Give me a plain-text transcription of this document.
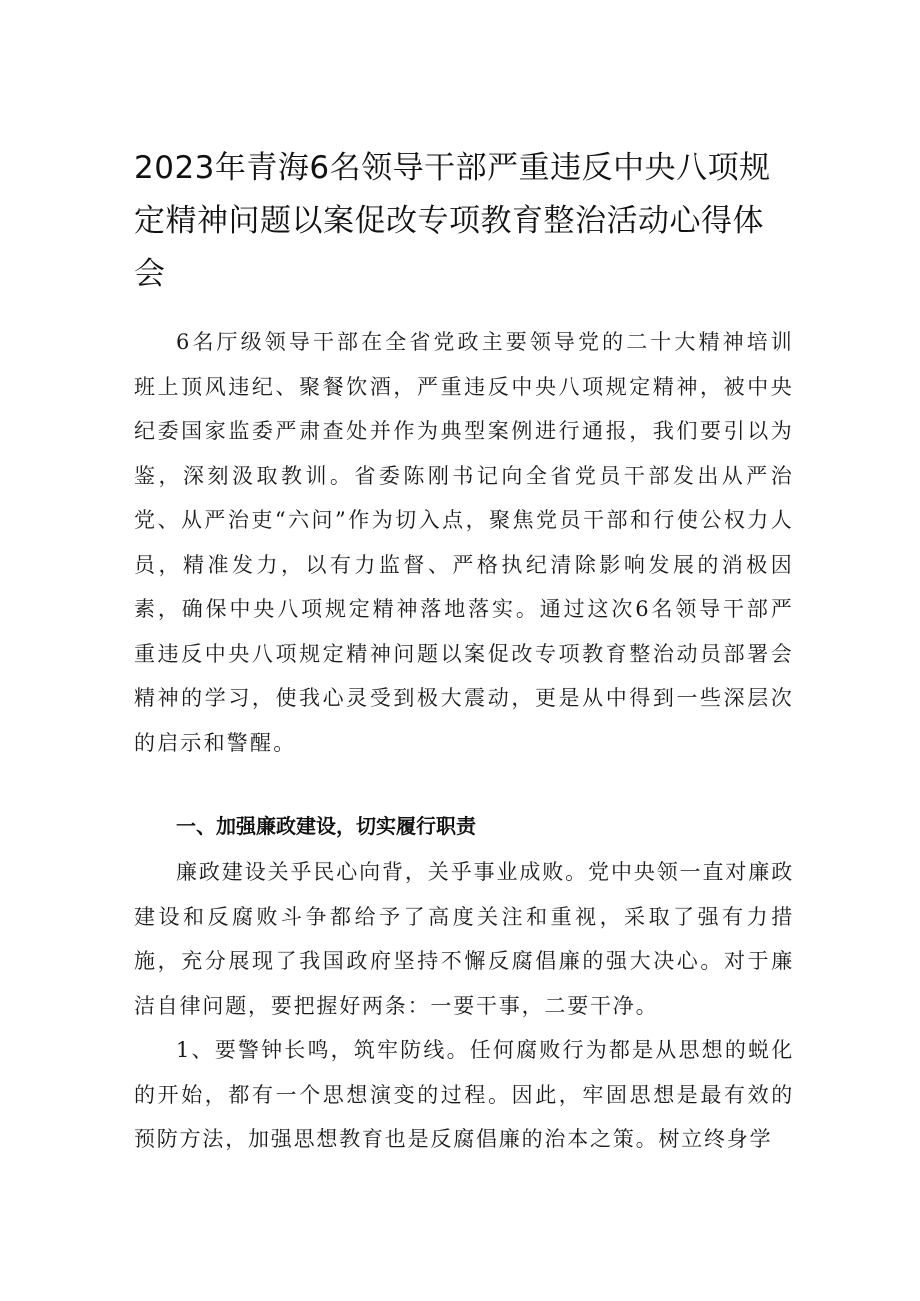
2023年青海6名领导干部严重违反中央八项规定精神问题以案促改专项教育整治活动心得体会

6名厅级领导干部在全省党政主要领导党的二十大精神培训班上顶风违纪、聚餐饮酒，严重违反中央八项规定精神，被中央纪委国家监委严肃查处并作为典型案例进行通报，我们要引以为鉴，深刻汲取教训。省委陈刚书记向全省党员干部发出从严治党、从严治吏“六问”作为切入点，聚焦党员干部和行使公权力人员，精准发力，以有力监督、严格执纪清除影响发展的消极因素，确保中央八项规定精神落地落实。通过这次6名领导干部严重违反中央八项规定精神问题以案促改专项教育整治动员部署会精神的学习，使我心灵受到极大震动，更是从中得到一些深层次的启示和警醒。

一、加强廉政建设，切实履行职责

廉政建设关乎民心向背，关乎事业成败。党中央领一直对廉政建设和反腐败斗争都给予了高度关注和重视，采取了强有力措施，充分展现了我国政府坚持不懈反腐倡廉的强大决心。对于廉洁自律问题，要把握好两条：一要干事，二要干净。

1、要警钟长鸣，筑牢防线。任何腐败行为都是从思想的蜕化的开始，都有一个思想演变的过程。因此，牢固思想是最有效的预防方法，加强思想教育也是反腐倡廉的治本之策。树立终身学
